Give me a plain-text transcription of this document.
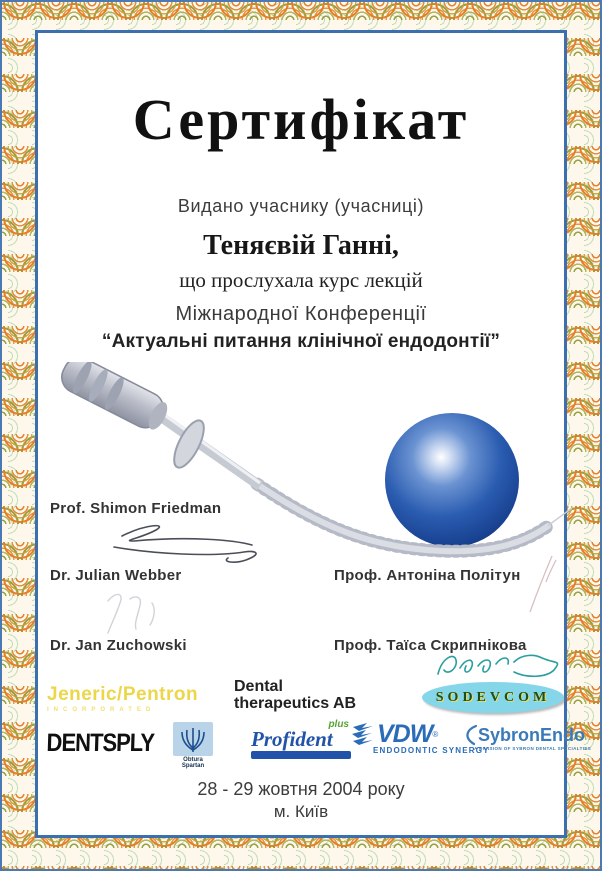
Сертифікат
Видано учаснику (учасниці)
Теняєвій Ганні,
що прослухала курс лекцій
Міжнародної Конференції
“Актуальні питання клінічної ендодонтії”
Prof. Shimon Friedman
Dr. Julian Webber	Проф. Антоніна Політун
Dr. Jan Zuchowski	Проф. Таїса Скрипнікова
Jeneric/Pentron
INCORPORATED
Dental
therapeutics AB	SODEVCOM
DENTSPLY
Obtura
Spartan
plus
Profident	VDW ®
ENDODONTIC SYNERGY
SybronEndo
A DIVISION OF SYBRON DENTAL SPECIALTIES
28 - 29 жовтня 2004 року
м. Київ
